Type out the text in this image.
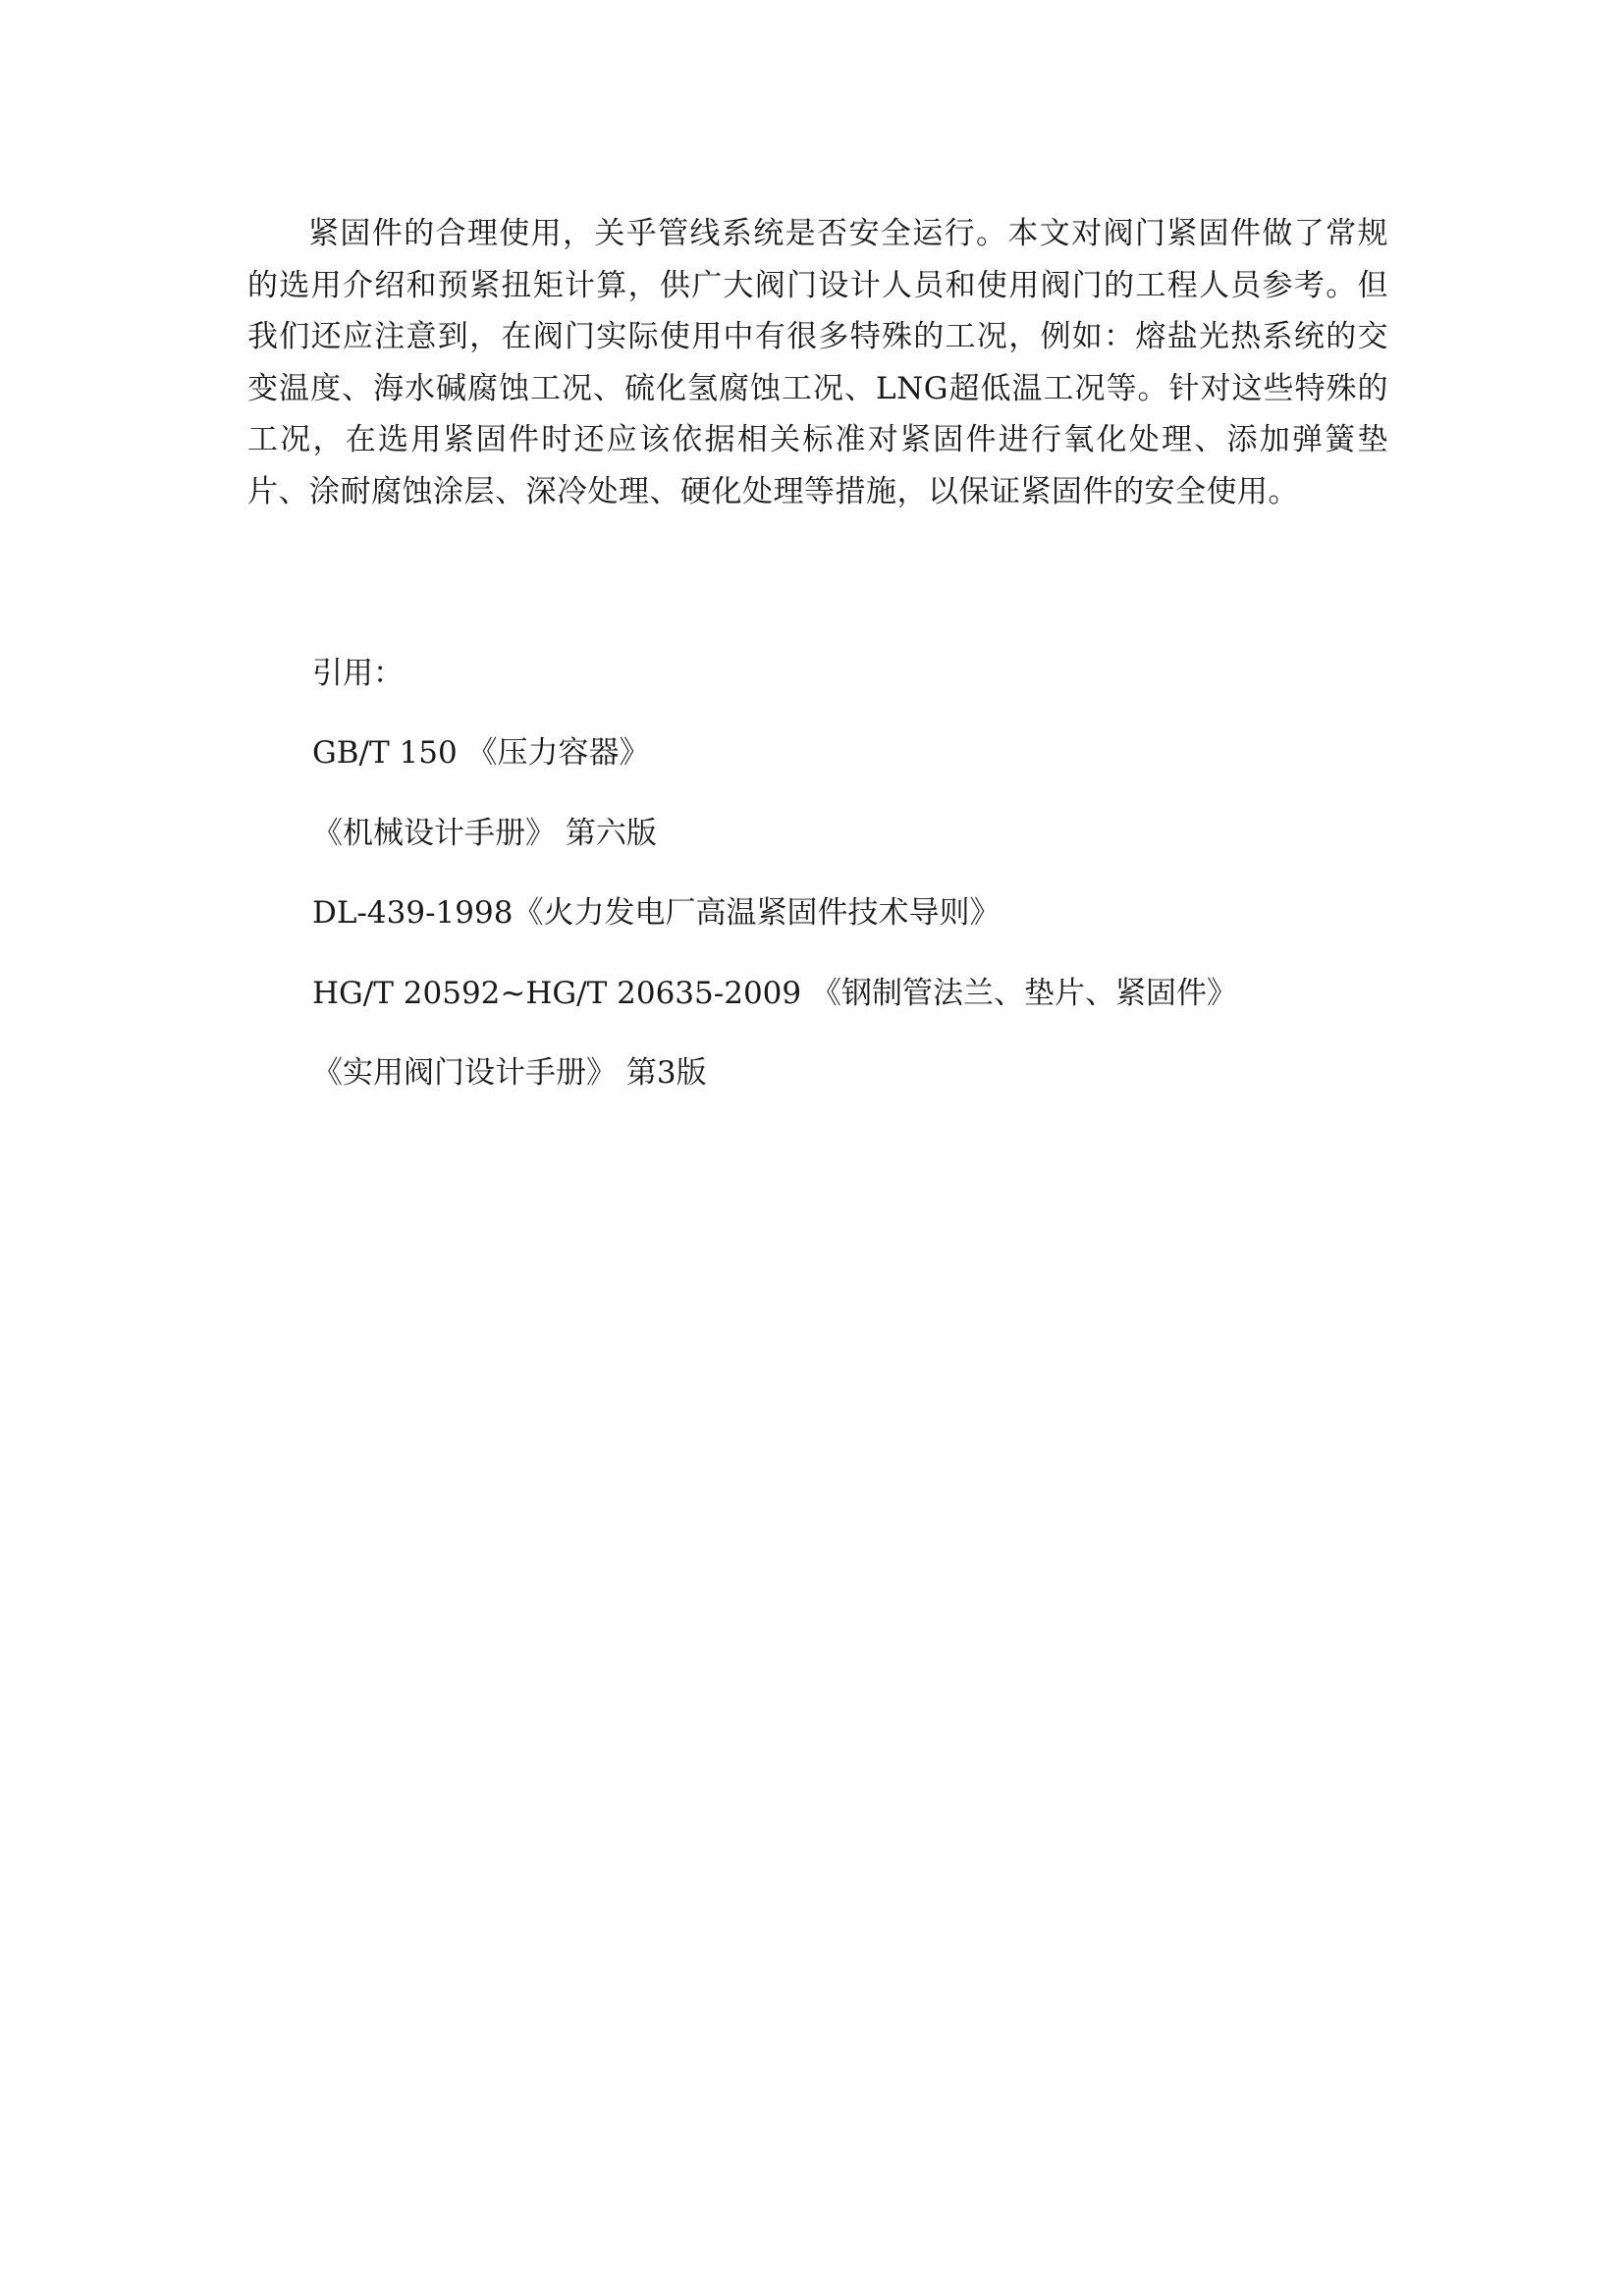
紧固件的合理使用，关乎管线系统是否安全运行。本文对阀门紧固件做了常规的选用介绍和预紧扭矩计算，供广大阀门设计人员和使用阀门的工程人员参考。但我们还应注意到，在阀门实际使用中有很多特殊的工况，例如：熔盐光热系统的交变温度、海水碱腐蚀工况、硫化氢腐蚀工况、LNG超低温工况等。针对这些特殊的工况，在选用紧固件时还应该依据相关标准对紧固件进行氧化处理、添加弹簧垫片、涂耐腐蚀涂层、深冷处理、硬化处理等措施，以保证紧固件的安全使用。

引用：

GB/T 150 《压力容器》
《机械设计手册》 第六版
DL-439-1998《火力发电厂高温紧固件技术导则》
HG/T 20592~HG/T 20635-2009 《钢制管法兰、垫片、紧固件》
《实用阀门设计手册》 第3版
